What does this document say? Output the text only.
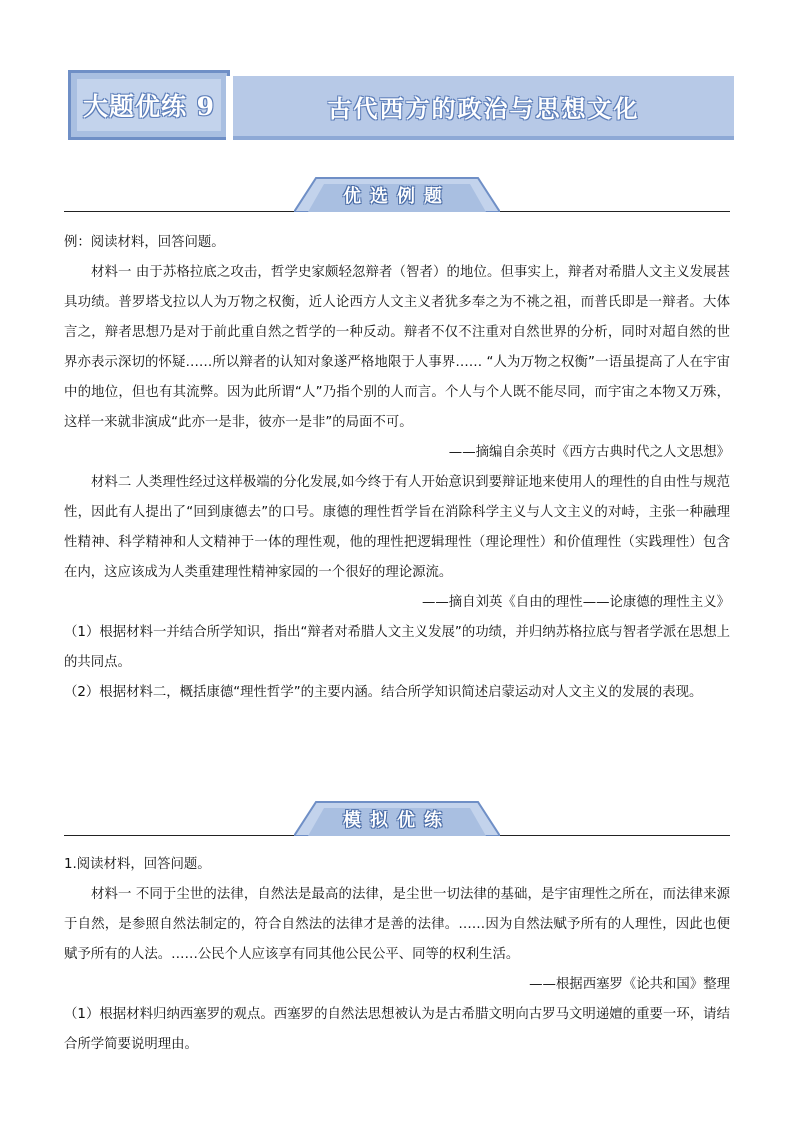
大题优练 9	古代西方的政治与思想文化
优选例题

例：阅读材料，回答问题。

材料一 由于苏格拉底之攻击，哲学史家颇轻忽辩者（智者）的地位。但事实上，辩者对希腊人文主义发展甚具功绩。普罗塔戈拉以人为万物之权衡，近人论西方人文主义者犹多奉之为不祧之祖，而普氏即是一辩者。大体言之，辩者思想乃是对于前此重自然之哲学的一种反动。辩者不仅不注重对自然世界的分析，同时对超自然的世界亦表示深切的怀疑……所以辩者的认知对象遂严格地限于人事界…… “人为万物之权衡”一语虽提高了人在宇宙中的地位，但也有其流弊。因为此所谓“人”乃指个别的人而言。个人与个人既不能尽同，而宇宙之本物又万殊，这样一来就非演成“此亦一是非，彼亦一是非”的局面不可。

——摘编自余英时《西方古典时代之人文思想》

材料二 人类理性经过这样极端的分化发展,如今终于有人开始意识到要辩证地来使用人的理性的自由性与规范性，因此有人提出了“回到康德去”的口号。康德的理性哲学旨在消除科学主义与人文主义的对峙，主张一种融理性精神、科学精神和人文精神于一体的理性观，他的理性把逻辑理性（理论理性）和价值理性（实践理性）包含在内，这应该成为人类重建理性精神家园的一个很好的理论源流。

——摘自刘英《自由的理性——论康德的理性主义》

（1）根据材料一并结合所学知识，指出“辩者对希腊人文主义发展”的功绩，并归纳苏格拉底与智者学派在思想上的共同点。

（2）根据材料二，概括康德“理性哲学”的主要内涵。结合所学知识简述启蒙运动对人文主义的发展的表现。

模拟优练

1.阅读材料，回答问题。

材料一 不同于尘世的法律，自然法是最高的法律，是尘世一切法律的基础，是宇宙理性之所在，而法律来源于自然，是参照自然法制定的，符合自然法的法律才是善的法律。……因为自然法赋予所有的人理性，因此也便赋予所有的人法。……公民个人应该享有同其他公民公平、同等的权利生活。

——根据西塞罗《论共和国》整理

（1）根据材料归纳西塞罗的观点。西塞罗的自然法思想被认为是古希腊文明向古罗马文明递嬗的重要一环，请结合所学简要说明理由。
